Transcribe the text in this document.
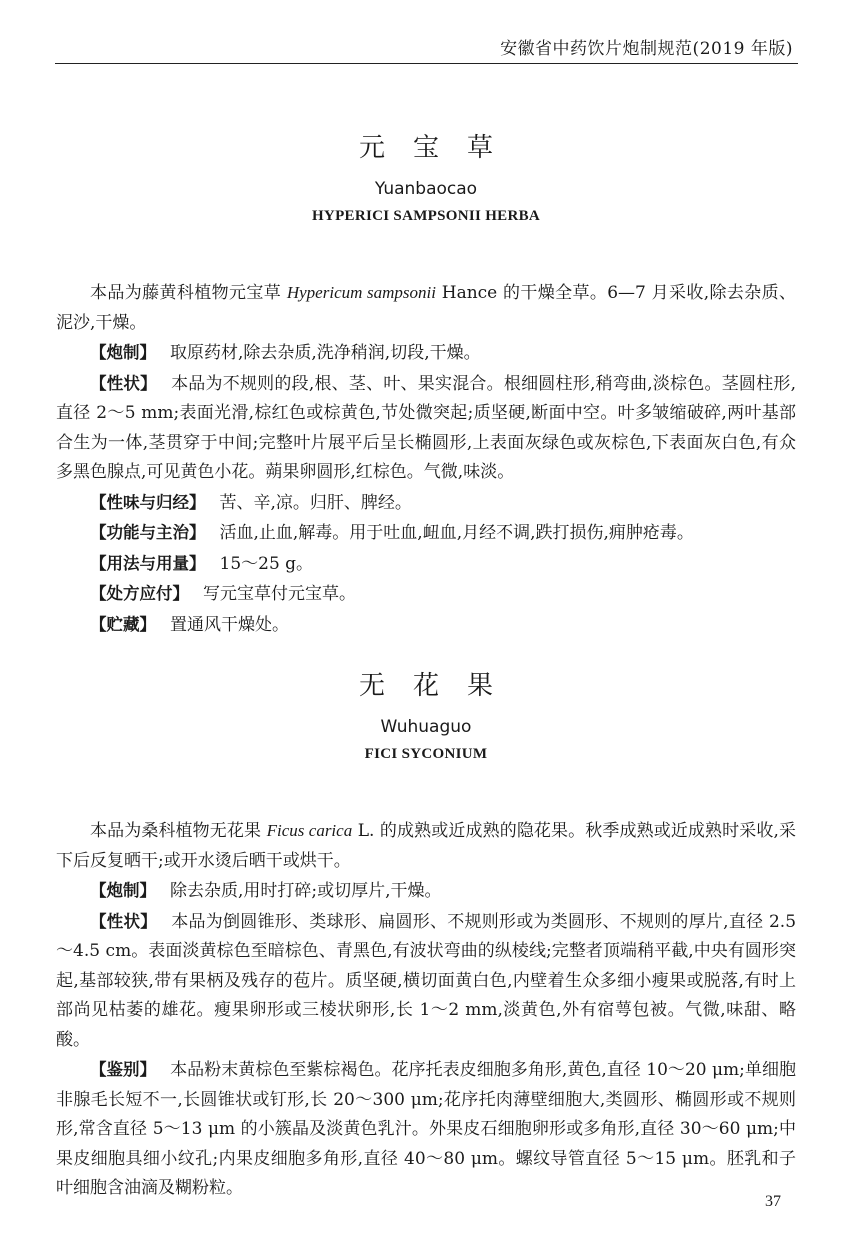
安徽省中药饮片炮制规范(2019 年版)
元宝草
Yuanbaocao
HYPERICI SAMPSONII HERBA

本品为藤黄科植物元宝草 Hypericum sampsonii Hance 的干燥全草。6—7 月采收,除去杂质、泥沙,干燥。

【炮制】 取原药材,除去杂质,洗净稍润,切段,干燥。

【性状】 本品为不规则的段,根、茎、叶、果实混合。根细圆柱形,稍弯曲,淡棕色。茎圆柱形,直径 2～5 mm;表面光滑,棕红色或棕黄色,节处微突起;质坚硬,断面中空。叶多皱缩破碎,两叶基部合生为一体,茎贯穿于中间;完整叶片展平后呈长椭圆形,上表面灰绿色或灰棕色,下表面灰白色,有众多黑色腺点,可见黄色小花。蒴果卵圆形,红棕色。气微,味淡。

【性味与归经】 苦、辛,凉。归肝、脾经。

【功能与主治】 活血,止血,解毒。用于吐血,衄血,月经不调,跌打损伤,痈肿疮毒。

【用法与用量】 15～25 g。

【处方应付】 写元宝草付元宝草。

【贮藏】 置通风干燥处。

无花果
Wuhuaguo
FICI SYCONIUM

本品为桑科植物无花果 Ficus carica L. 的成熟或近成熟的隐花果。秋季成熟或近成熟时采收,采下后反复晒干;或开水烫后晒干或烘干。

【炮制】 除去杂质,用时打碎;或切厚片,干燥。

【性状】 本品为倒圆锥形、类球形、扁圆形、不规则形或为类圆形、不规则的厚片,直径 2.5～4.5 cm。表面淡黄棕色至暗棕色、青黑色,有波状弯曲的纵棱线;完整者顶端稍平截,中央有圆形突起,基部较狭,带有果柄及残存的苞片。质坚硬,横切面黄白色,内壁着生众多细小瘦果或脱落,有时上部尚见枯萎的雄花。瘦果卵形或三棱状卵形,长 1～2 mm,淡黄色,外有宿萼包被。气微,味甜、略酸。

【鉴别】 本品粉末黄棕色至紫棕褐色。花序托表皮细胞多角形,黄色,直径 10～20 μm;单细胞非腺毛长短不一,长圆锥状或钉形,长 20～300 μm;花序托肉薄壁细胞大,类圆形、椭圆形或不规则形,常含直径 5～13 μm 的小簇晶及淡黄色乳汁。外果皮石细胞卵形或多角形,直径 30～60 μm;中果皮细胞具细小纹孔;内果皮细胞多角形,直径 40～80 μm。螺纹导管直径 5～15 μm。胚乳和子叶细胞含油滴及糊粉粒。

37
